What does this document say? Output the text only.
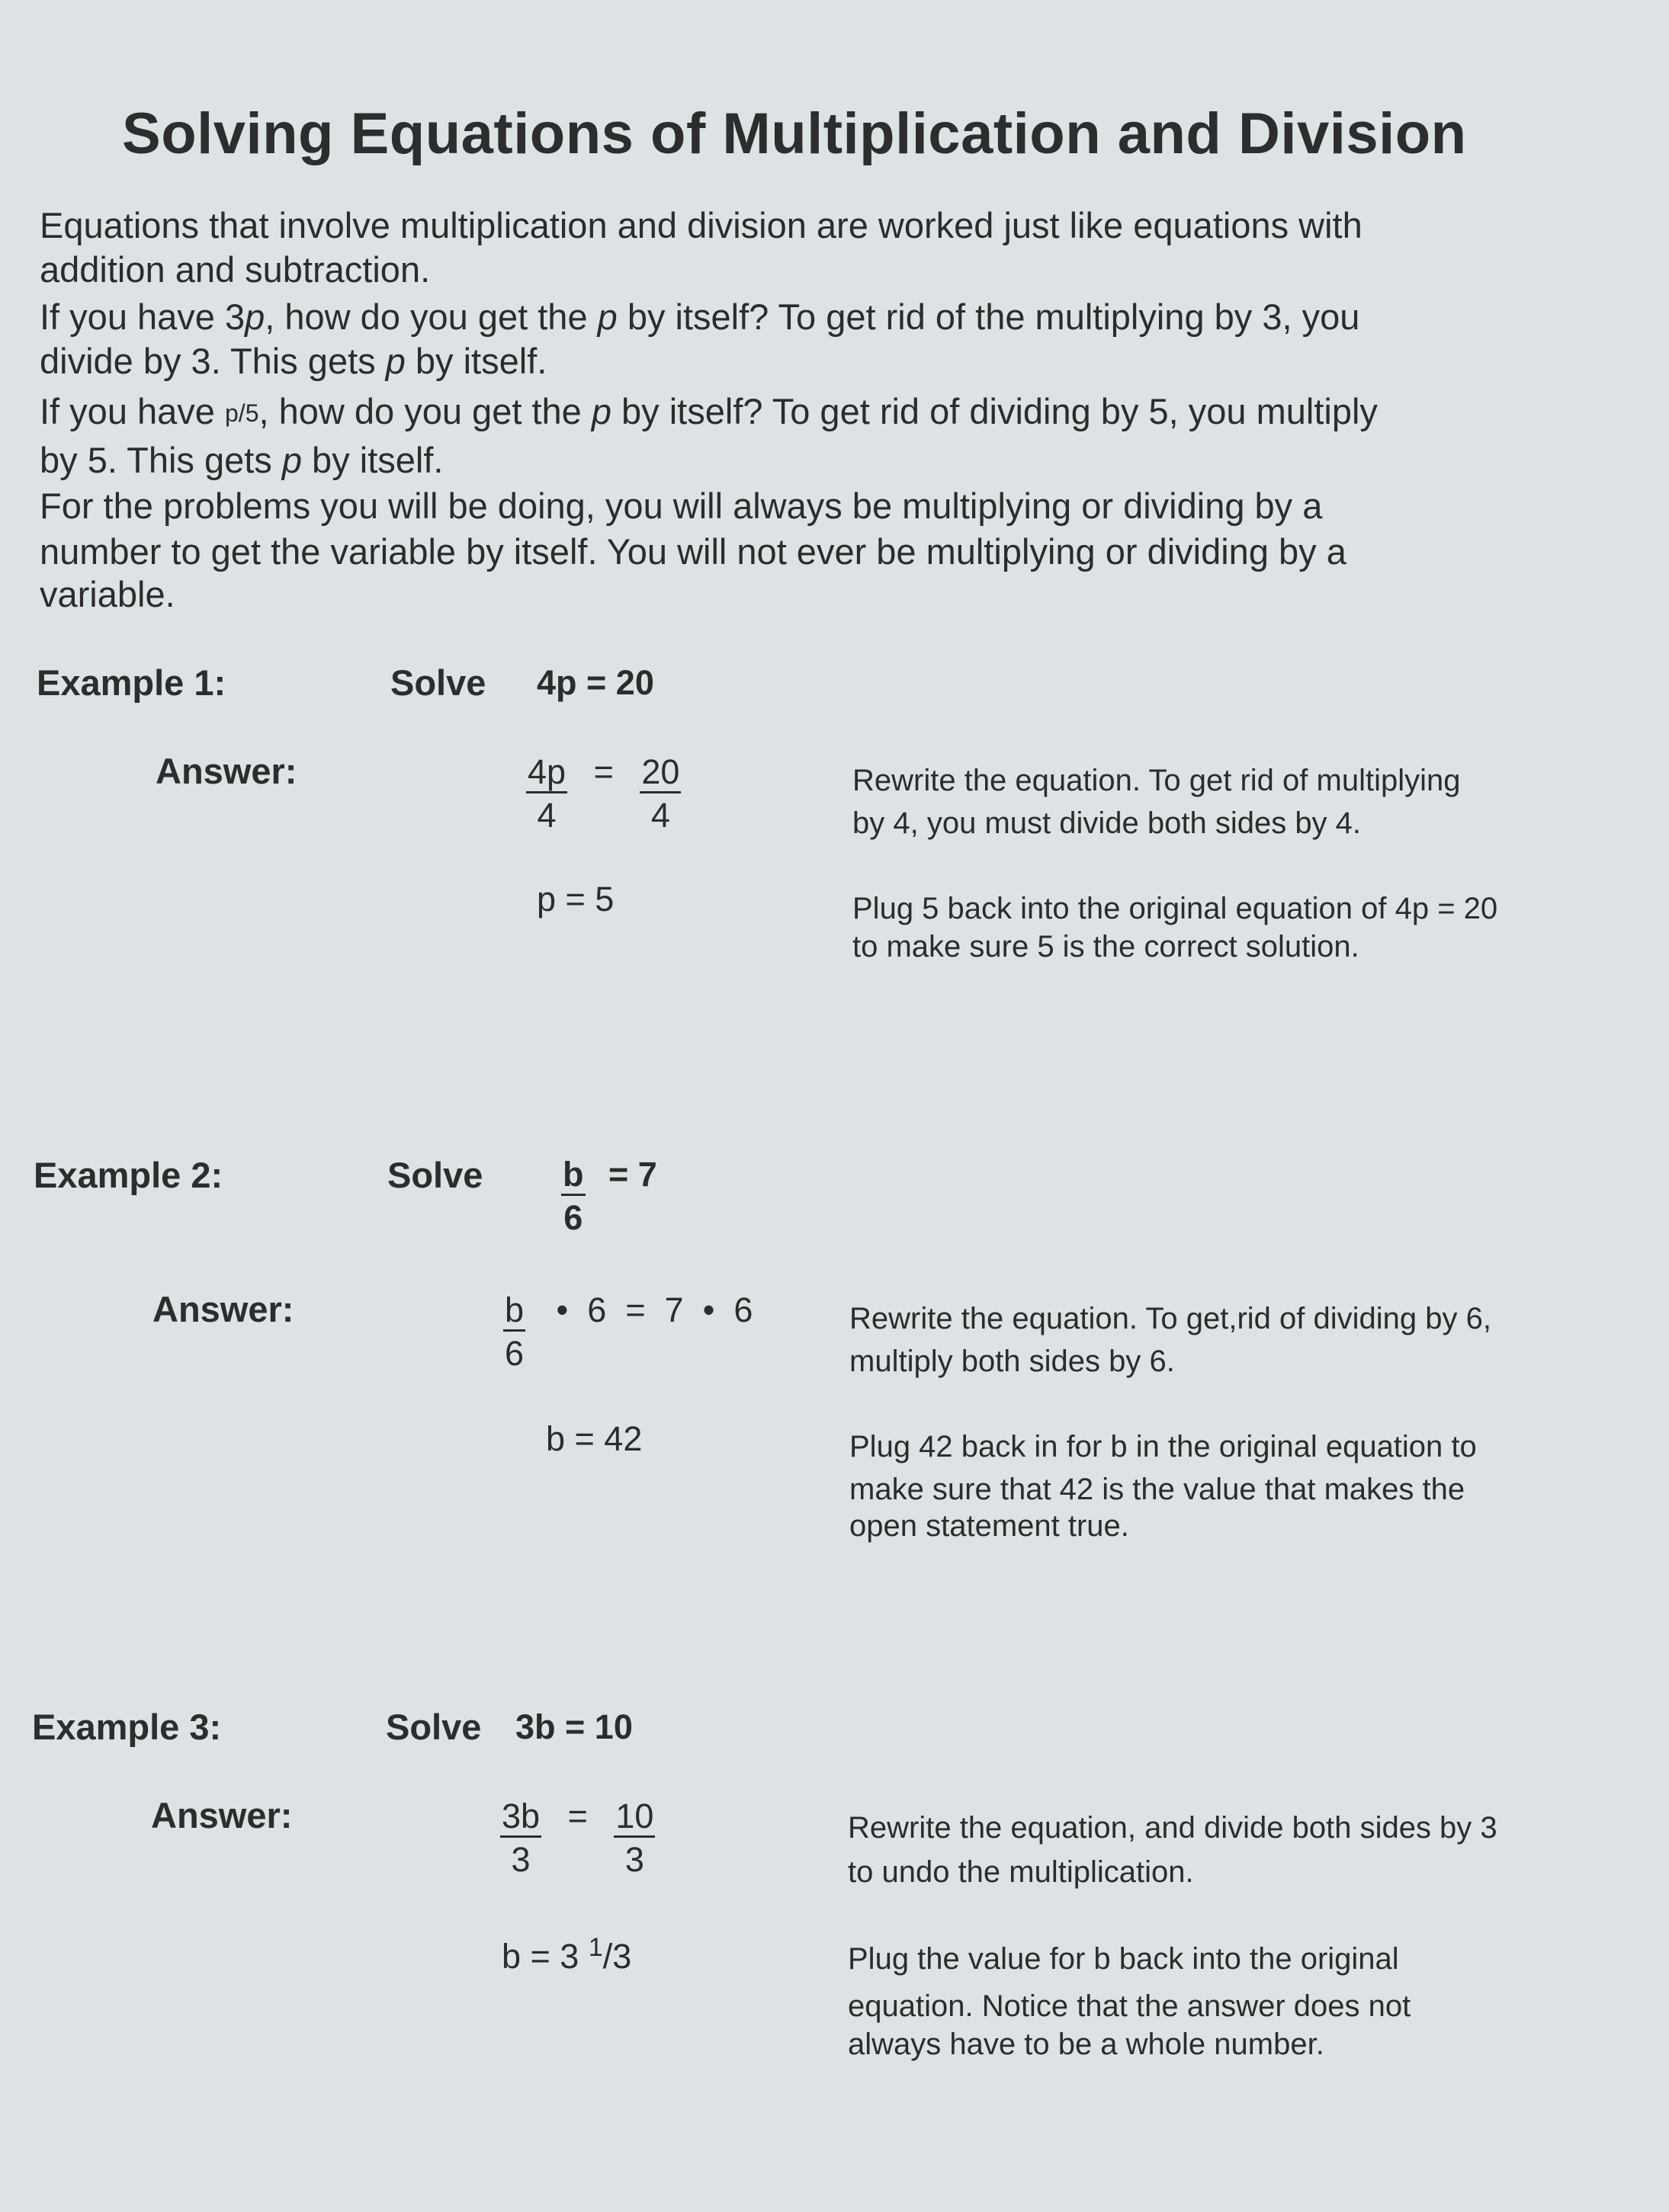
Solving Equations of Multiplication and Division
Equations that involve multiplication and division are worked just like equations with
addition and subtraction.
If you have 3p, how do you get the p by itself? To get rid of the multiplying by 3, you
divide by 3. This gets p by itself.
If you have p/5, how do you get the p by itself? To get rid of dividing by 5, you multiply
by 5. This gets p by itself.
For the problems you will be doing, you will always be multiplying or dividing by a
number to get the variable by itself. You will not ever be multiplying or dividing by a
variable.
Example 1:	Solve 4p = 20
Answer:	$\frac{4p}{4} = \frac{20}{4}$	Rewrite the equation. To get rid of multiplying
by 4, you must divide both sides by 4.
p = 5	Plug 5 back into the original equation of 4p = 20
to make sure 5 is the correct solution.
Example 2:	Solve $\frac{b}{6} = 7$
Answer:	$\frac{b}{6}$ •  6  =  7  •  6	Rewrite the equation. To get,rid of dividing by 6,
multiply both sides by 6.
b = 42	Plug 42 back in for b in the original equation to
make sure that 42 is the value that makes the
open statement true.
Example 3:	Solve 3b = 10
Answer:	$\frac{3b}{3} = \frac{10}{3}$	Rewrite the equation, and divide both sides by 3
to undo the multiplication.
b = 3 $^1$/3	Plug the value for b back into the original
equation. Notice that the answer does not
always have to be a whole number.
